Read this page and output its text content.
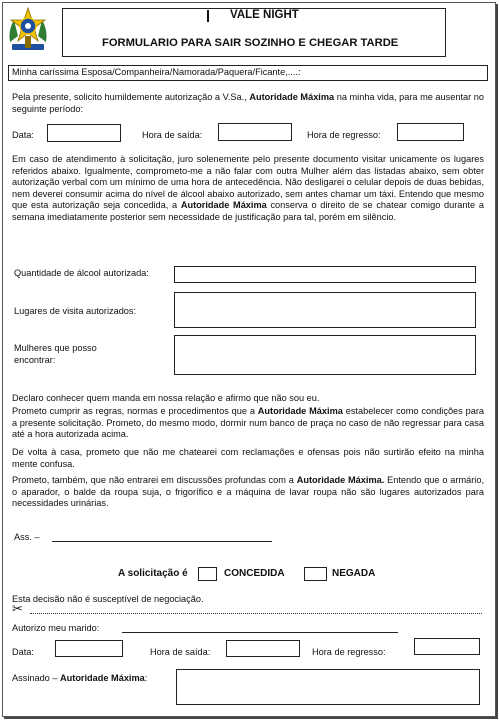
VALE NIGHT
FORMULARIO PARA SAIR SOZINHO E CHEGAR TARDE
Minha caríssima Esposa/Companheira/Namorada/Paquera/Ficante,....:
Pela presente, solicito humildemente autorização a V.Sa., Autoridade Máxima na minha vida, para me ausentar no seguinte período:
Data:	Hora de saída:	Hora de regresso:
Em caso de atendimento à solicitação, juro solenemente pelo presente documento visitar unicamente os lugares referidos abaixo. Igualmente, comprometo-me a não falar com outra Mulher além das listadas abaixo, sem obter autorização verbal com um mínimo de uma hora de antecedência. Não desligarei o celular depois de duas bebidas, nem deverei consumir acima do nível de álcool abaixo autorizado, sem antes chamar um táxi. Entendo que mesmo que esta autorização seja concedida, a Autoridade Máxima conserva o direito de se chatear comigo durante a semana imediatamente posterior sem necessidade de justificação para tal, porém em silêncio.
Quantidade de álcool autorizada:
Lugares de visita autorizados:
Mulheres que posso encontrar:
Declaro conhecer quem manda em nossa relação e afirmo que não sou eu.
Prometo cumprir as regras, normas e procedimentos que a Autoridade Máxima estabelecer como condições para a presente solicitação. Prometo, do mesmo modo, dormir num banco de praça no caso de não regressar para casa até a hora autorizada acima.
De volta à casa, prometo que não me chatearei com reclamações e ofensas pois não surtirão efeito na minha mente confusa.
Prometo, também, que não entrarei em discussões profundas com a Autoridade Máxima. Entendo que o armário, o aparador, o balde da roupa suja, o frigorífico e a máquina de lavar roupa não são lugares autorizados para necessidades urinárias.
Ass. –
A solicitação é	CONCEDIDA	NEGADA
Esta decisão não é susceptível de negociação.
✂
Autorizo meu marido:
Data:	Hora de saída:	Hora de regresso:
Assinado – Autoridade Máxima:
